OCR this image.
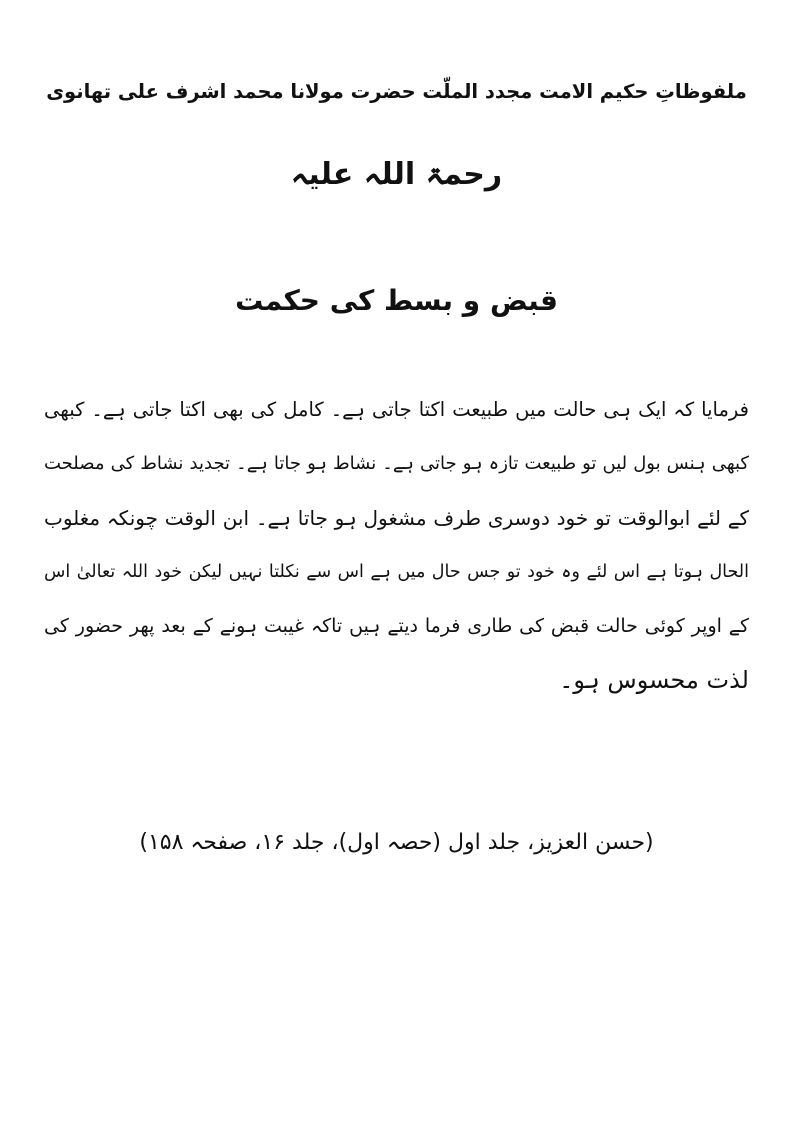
ملفوظاتِ حکیم الامت مجدد الملّت حضرت مولانا محمد اشرف علی تھانوی
رحمۃ اللہ علیہ
قبض و بسط کی حکمت
فرمایا کہ ایک ہی حالت میں طبیعت اکتا جاتی ہے۔ کامل کی بھی اکتا جاتی ہے۔ کبھی
کبھی ہنس بول لیں تو طبیعت تازہ ہو جاتی ہے۔ نشاط ہو جاتا ہے۔ تجدید نشاط کی مصلحت
کے لئے ابوالوقت تو خود دوسری طرف مشغول ہو جاتا ہے۔ ابن الوقت چونکہ مغلوب
الحال ہوتا ہے اس لئے وہ خود تو جس حال میں ہے اس سے نکلتا نہیں لیکن خود اللہ تعالیٰ اس
کے اوپر کوئی حالت قبض کی طاری فرما دیتے ہیں تاکہ غیبت ہونے کے بعد پھر حضور کی
لذت محسوس ہو۔
(حسن العزیز، جلد اول (حصہ اول)، جلد ۱۶، صفحہ ۱۵۸)
